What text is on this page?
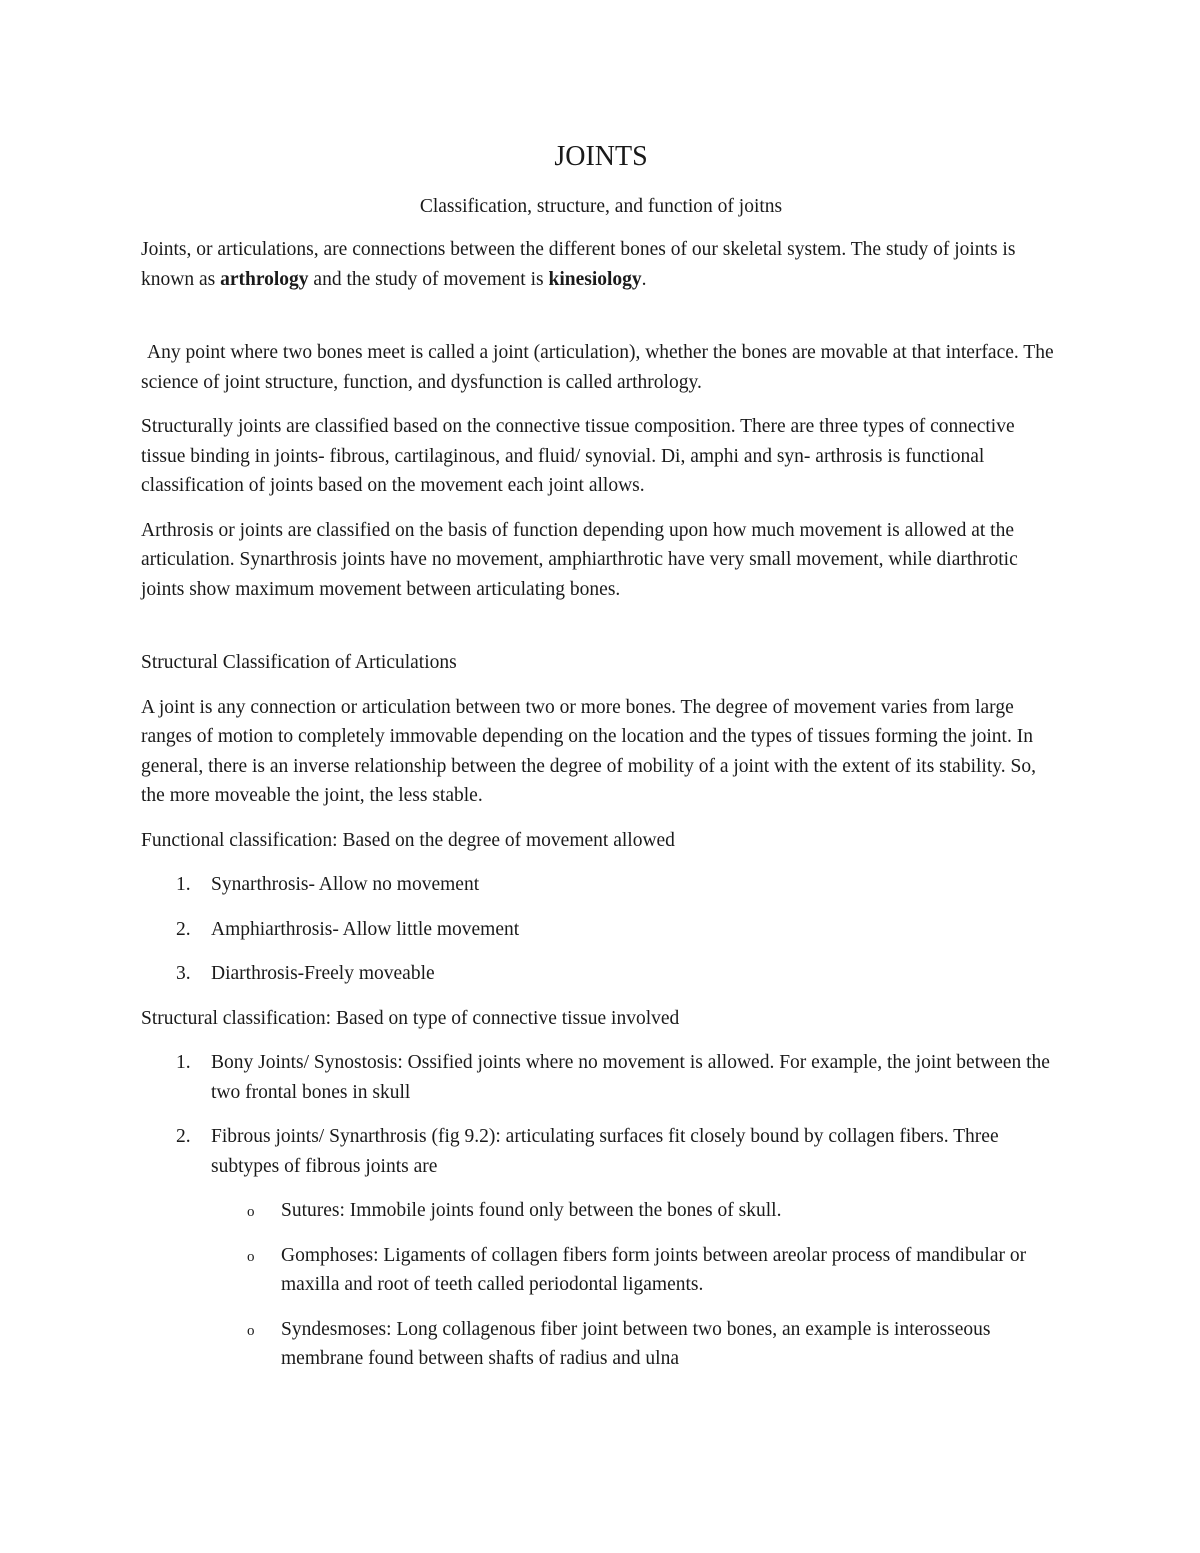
JOINTS
Classification, structure, and function of joitns

Joints, or articulations, are connections between the different bones of our skeletal system. The study of joints is known as arthrology and the study of movement is kinesiology.

Any point where two bones meet is called a joint (articulation), whether the bones are movable at that interface. The science of joint structure, function, and dysfunction is called arthrology.

Structurally joints are classified based on the connective tissue composition. There are three types of connective tissue binding in joints- fibrous, cartilaginous, and fluid/ synovial. Di, amphi and syn- arthrosis is functional classification of joints based on the movement each joint allows.

Arthrosis or joints are classified on the basis of function depending upon how much movement is allowed at the articulation. Synarthrosis joints have no movement, amphiarthrotic have very small movement, while diarthrotic joints show maximum movement between articulating bones.

Structural Classification of Articulations

A joint is any connection or articulation between two or more bones. The degree of movement varies from large ranges of motion to completely immovable depending on the location and the types of tissues forming the joint. In general, there is an inverse relationship between the degree of mobility of a joint with the extent of its stability. So, the more moveable the joint, the less stable.

Functional classification: Based on the degree of movement allowed
1. Synarthrosis- Allow no movement
2. Amphiarthrosis- Allow little movement
3. Diarthrosis-Freely moveable
Structural classification: Based on type of connective tissue involved
1. Bony Joints/ Synostosis: Ossified joints where no movement is allowed. For example, the joint between the two frontal bones in skull
2. Fibrous joints/ Synarthrosis (fig 9.2): articulating surfaces fit closely bound by collagen fibers. Three subtypes of fibrous joints are
o Sutures: Immobile joints found only between the bones of skull.
o Gomphoses: Ligaments of collagen fibers form joints between areolar process of mandibular or maxilla and root of teeth called periodontal ligaments.
o Syndesmoses: Long collagenous fiber joint between two bones, an example is interosseous membrane found between shafts of radius and ulna
